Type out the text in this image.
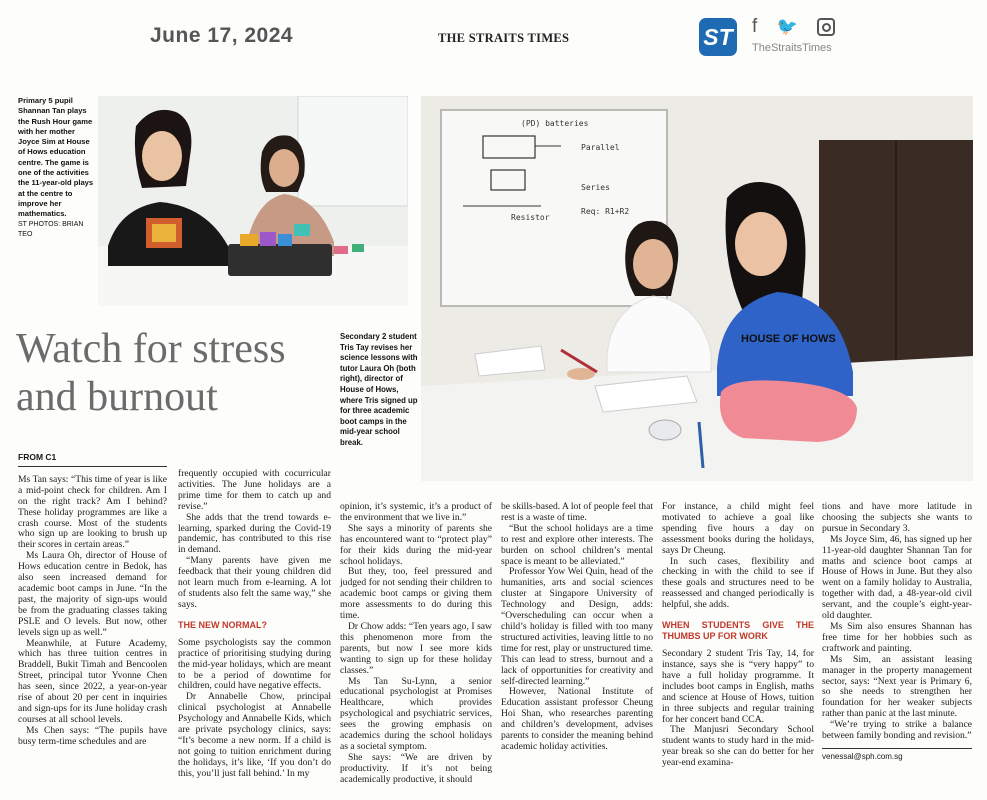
June 17, 2024	THE STRAITS TIMES	ST f 🐦
TheStraitsTimes
Primary 5 pupil Shannan Tan plays the Rush Hour game with her mother Joyce Sim at House of Hows education centre. The game is one of the activities the 11-year-old plays at the centre to improve her mathematics.
ST PHOTOS: BRIAN TEO
(PD) batteries
Parallel
Series
Resistor
Req: R1+R2
HOUSE OF HOWS
Secondary 2 student Tris Tay revises her science lessons with tutor Laura Oh (both right), director of House of Hows, where Tris signed up for three academic boot camps in the mid-year school break.
Watch for stress and burnout
FROM C1

Ms Tan says: “This time of year is like a mid-point check for children. Am I on the right track? Am I behind? These holiday programmes are like a crash course. Most of the students who sign up are looking to brush up their scores in certain areas.”

Ms Laura Oh, director of House of Hows education centre in Bedok, has also seen increased demand for academic boot camps in June. “In the past, the majority of sign-ups would be from the graduating classes taking PSLE and O levels. But now, other levels sign up as well.”

Meanwhile, at Future Academy, which has three tuition centres in Braddell, Bukit Timah and Bencoolen Street, principal tutor Yvonne Chen has seen, since 2022, a year-on-year rise of about 20 per cent in inquiries and sign-ups for its June holiday crash courses at all school levels.

Ms Chen says: “The pupils have busy term-time schedules and are

frequently occupied with cocurricular activities. The June holidays are a prime time for them to catch up and revise.”

She adds that the trend towards e-learning, sparked during the Covid-19 pandemic, has contributed to this rise in demand.

“Many parents have given me feedback that their young children did not learn much from e-learning. A lot of students also felt the same way,” she says.

THE NEW NORMAL?

Some psychologists say the common practice of prioritising studying during the mid-year holidays, which are meant to be a period of downtime for children, could have negative effects.

Dr Annabelle Chow, principal clinical psychologist at Annabelle Psychology and Annabelle Kids, which are private psychology clinics, says: “It’s become a new norm. If a child is not going to tuition enrichment during the holidays, it’s like, ‘If you don’t do this, you’ll just fall behind.’ In my

opinion, it’s systemic, it’s a product of the environment that we live in.”

She says a minority of parents she has encountered want to “protect play” for their kids during the mid-year school holidays.

But they, too, feel pressured and judged for not sending their children to academic boot camps or giving them more assessments to do during this time.

Dr Chow adds: “Ten years ago, I saw this phenomenon more from the parents, but now I see more kids wanting to sign up for these holiday classes.”

Ms Tan Su-Lynn, a senior educational psychologist at Promises Healthcare, which provides psychological and psychiatric services, sees the growing emphasis on academics during the school holidays as a societal symptom.

She says: “We are driven by productivity. If it’s not being academically productive, it should

be skills-based. A lot of people feel that rest is a waste of time.

“But the school holidays are a time to rest and explore other interests. The burden on school children’s mental space is meant to be alleviated.”

Professor Yow Wei Quin, head of the humanities, arts and social sciences cluster at Singapore University of Technology and Design, adds: “Overscheduling can occur when a child’s holiday is filled with too many structured activities, leaving little to no time for rest, play or unstructured time. This can lead to stress, burnout and a lack of opportunities for creativity and self-directed learning.”

However, National Institute of Education assistant professor Cheung Hoi Shan, who researches parenting and children’s development, advises parents to consider the meaning behind academic holiday activities.

For instance, a child might feel motivated to achieve a goal like spending five hours a day on assessment books during the holidays, says Dr Cheung.

In such cases, flexibility and checking in with the child to see if these goals and structures need to be reassessed and changed periodically is helpful, she adds.

WHEN STUDENTS GIVE THE THUMBS UP FOR WORK

Secondary 2 student Tris Tay, 14, for instance, says she is “very happy” to have a full holiday programme. It includes boot camps in English, maths and science at House of Hows, tuition in three subjects and regular training for her concert band CCA.

The Manjusri Secondary School student wants to study hard in the mid-year break so she can do better for her year-end examina-

tions and have more latitude in choosing the subjects she wants to pursue in Secondary 3.

Ms Joyce Sim, 46, has signed up her 11-year-old daughter Shannan Tan for maths and science boot camps at House of Hows in June. But they also went on a family holiday to Australia, together with dad, a 48-year-old civil servant, and the couple’s eight-year-old daughter.

Ms Sim also ensures Shannan has free time for her hobbies such as craftwork and painting.

Ms Sim, an assistant leasing manager in the property management sector, says: “Next year is Primary 6, so she needs to strengthen her foundation for her weaker subjects rather than panic at the last minute.

“We’re trying to strike a balance between family bonding and revision.”

venessal@sph.com.sg
